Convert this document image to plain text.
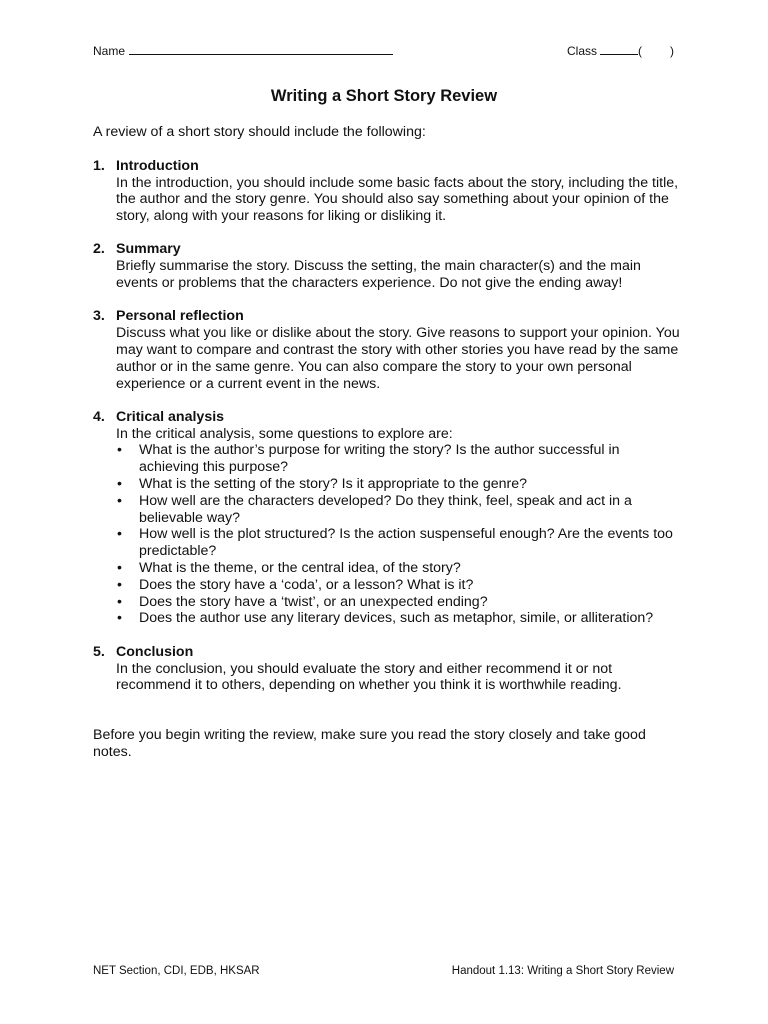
Name	Class	( )
Writing a Short Story Review

A review of a short story should include the following:

1. Introduction
In the introduction, you should include some basic facts about the story, including the title, the author and the story genre. You should also say something about your opinion of the story, along with your reasons for liking or disliking it.
2. Summary
Briefly summarise the story. Discuss the setting, the main character(s) and the main events or problems that the characters experience. Do not give the ending away!
3. Personal reflection
Discuss what you like or dislike about the story. Give reasons to support your opinion. You may want to compare and contrast the story with other stories you have read by the same author or in the same genre. You can also compare the story to your own personal experience or a current event in the news.
4. Critical analysis
In the critical analysis, some questions to explore are:
• What is the author’s purpose for writing the story? Is the author successful in achieving this purpose?
• What is the setting of the story? Is it appropriate to the genre?
• How well are the characters developed? Do they think, feel, speak and act in a believable way?
• How well is the plot structured? Is the action suspenseful enough? Are the events too predictable?
• What is the theme, or the central idea, of the story?
• Does the story have a ‘coda’, or a lesson? What is it?
• Does the story have a ‘twist’, or an unexpected ending?
• Does the author use any literary devices, such as metaphor, simile, or alliteration?
5. Conclusion
In the conclusion, you should evaluate the story and either recommend it or not recommend it to others, depending on whether you think it is worthwhile reading.

Before you begin writing the review, make sure you read the story closely and take good notes.

NET Section, CDI, EDB, HKSAR	Handout 1.13: Writing a Short Story Review
